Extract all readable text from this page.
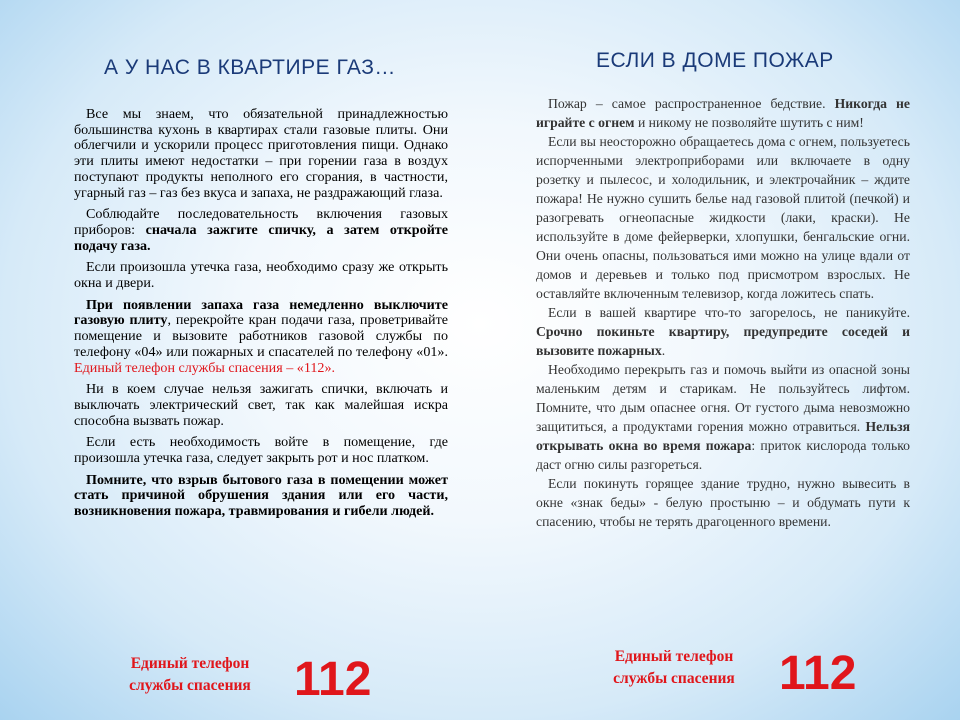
А У НАС В КВАРТИРЕ ГАЗ…	ЕСЛИ В ДОМЕ ПОЖАР

Все мы знаем, что обязательной принадлежностью большинства кухонь в квартирах стали газовые плиты. Они облегчили и ускорили процесс приготовления пищи. Однако эти плиты имеют недостатки – при горении газа в воздух поступают продукты неполного его сгорания, в частности, угарный газ – газ без вкуса и запаха, не раздражающий глаза.

Соблюдайте последовательность включения газовых приборов: сначала зажгите спичку, а затем откройте подачу газа.

Если произошла утечка газа, необходимо сразу же открыть окна и двери.

При появлении запаха газа немедленно выключите газовую плиту, перекройте кран подачи газа, проветривайте помещение и вызовите работников газовой службы по телефону «04» или пожарных и спасателей по телефону «01». Единый телефон службы спасения – «112».

Ни в коем случае нельзя зажигать спички, включать и выключать электрический свет, так как малейшая искра способна вызвать пожар.

Если есть необходимость войте в помещение, где произошла утечка газа, следует закрыть рот и нос платком.

Помните, что взрыв бытового газа в помещении может стать причиной обрушения здания или его части, возникновения пожара, травмирования и гибели людей.

Пожар – самое распространенное бедствие. Никогда не играйте с огнем и никому не позволяйте шутить с ним!

Если вы неосторожно обращаетесь дома с огнем, пользуетесь испорченными электроприборами или включаете в одну розетку и пылесос, и холодильник, и электрочайник – ждите пожара! Не нужно сушить белье над газовой плитой (печкой) и разогревать огнеопасные жидкости (лаки, краски). Не используйте в доме фейерверки, хлопушки, бенгальские огни. Они очень опасны, пользоваться ими можно на улице вдали от домов и деревьев и только под присмотром взрослых. Не оставляйте включенным телевизор, когда ложитесь спать.

Если в вашей квартире что-то загорелось, не паникуйте. Срочно покиньте квартиру, предупредите соседей и вызовите пожарных.

Необходимо перекрыть газ и помочь выйти из опасной зоны маленьким детям и старикам. Не пользуйтесь лифтом. Помните, что дым опаснее огня. От густого дыма невозможно защититься, а продуктами горения можно отравиться. Нельзя открывать окна во время пожара: приток кислорода только даст огню силы разгореться.

Если покинуть горящее здание трудно, нужно вывесить в окне «знак беды» - белую простыню – и обдумать пути к спасению, чтобы не терять драгоценного времени.

Единый телефон
службы спасения 112	Единый телефон
службы спасения 112
